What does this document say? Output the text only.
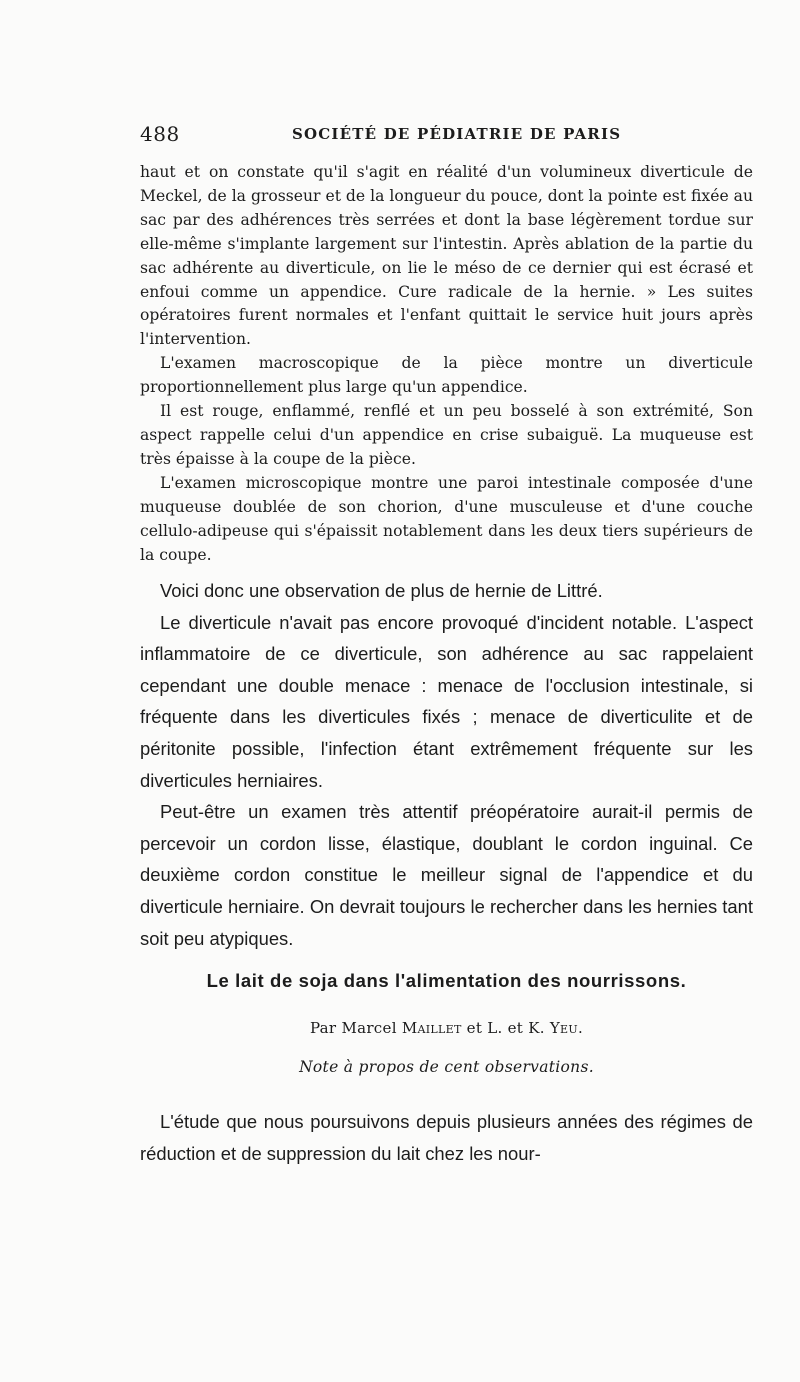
488	SOCIÉTÉ DE PÉDIATRIE DE PARIS

haut et on constate qu'il s'agit en réalité d'un volumineux diverticule de Meckel, de la grosseur et de la longueur du pouce, dont la pointe est fixée au sac par des adhérences très serrées et dont la base légèrement tordue sur elle-même s'implante largement sur l'intestin. Après ablation de la partie du sac adhérente au diverticule, on lie le méso de ce dernier qui est écrasé et enfoui comme un appendice. Cure radicale de la hernie. » Les suites opératoires furent normales et l'enfant quittait le service huit jours après l'intervention.

L'examen macroscopique de la pièce montre un diverticule proportionnellement plus large qu'un appendice.

Il est rouge, enflammé, renflé et un peu bosselé à son extrémité, Son aspect rappelle celui d'un appendice en crise subaiguë. La muqueuse est très épaisse à la coupe de la pièce.

L'examen microscopique montre une paroi intestinale composée d'une muqueuse doublée de son chorion, d'une musculeuse et d'une couche cellulo-adipeuse qui s'épaissit notablement dans les deux tiers supérieurs de la coupe.

Voici donc une observation de plus de hernie de Littré.

Le diverticule n'avait pas encore provoqué d'incident notable. L'aspect inflammatoire de ce diverticule, son adhérence au sac rappelaient cependant une double menace : menace de l'occlusion intestinale, si fréquente dans les diverticules fixés ; menace de diverticulite et de péritonite possible, l'infection étant extrêmement fréquente sur les diverticules herniaires.

Peut-être un examen très attentif préopératoire aurait-il permis de percevoir un cordon lisse, élastique, doublant le cordon inguinal. Ce deuxième cordon constitue le meilleur signal de l'appendice et du diverticule herniaire. On devrait toujours le rechercher dans les hernies tant soit peu atypiques.

Le lait de soja dans l'alimentation des nourrissons.
Par Marcel Maillet et L. et K. Yeu.
Note à propos de cent observations.

L'étude que nous poursuivons depuis plusieurs années des régimes de réduction et de suppression du lait chez les nour-
